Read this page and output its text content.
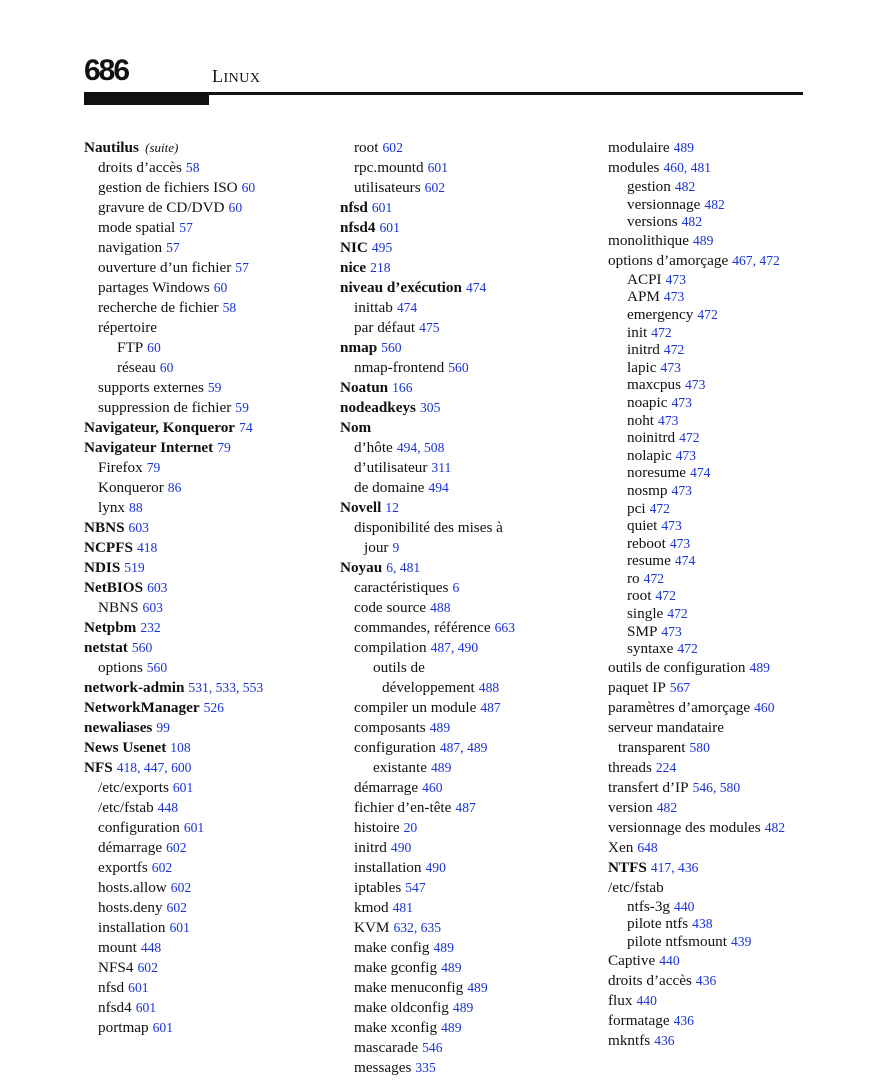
686	LINUX
Nautilus (suite)
droits d’accès 58
gestion de fichiers ISO 60
gravure de CD/DVD 60
mode spatial 57
navigation 57
ouverture d’un fichier 57
partages Windows 60
recherche de fichier 58
répertoire
FTP 60
réseau 60
supports externes 59
suppression de fichier 59
Navigateur, Konqueror 74
Navigateur Internet 79
Firefox 79
Konqueror 86
lynx 88
NBNS 603
NCPFS 418
NDIS 519
NetBIOS 603
NBNS 603
Netpbm 232
netstat 560
options 560
network-admin 531, 533, 553
NetworkManager 526
newaliases 99
News Usenet 108
NFS 418, 447, 600
/etc/exports 601
/etc/fstab 448
configuration 601
démarrage 602
exportfs 602
hosts.allow 602
hosts.deny 602
installation 601
mount 448
NFS4 602
nfsd 601
nfsd4 601
portmap 601
root 602
rpc.mountd 601
utilisateurs 602
nfsd 601
nfsd4 601
NIC 495
nice 218
niveau d’exécution 474
inittab 474
par défaut 475
nmap 560
nmap-frontend 560
Noatun 166
nodeadkeys 305
Nom
d’hôte 494, 508
d’utilisateur 311
de domaine 494
Novell 12
disponibilité des mises à
jour 9
Noyau 6, 481
caractéristiques 6
code source 488
commandes, référence 663
compilation 487, 490
outils de
développement 488
compiler un module 487
composants 489
configuration 487, 489
existante 489
démarrage 460
fichier d’en-tête 487
histoire 20
initrd 490
installation 490
iptables 547
kmod 481
KVM 632, 635
make config 489
make gconfig 489
make menuconfig 489
make oldconfig 489
make xconfig 489
mascarade 546
messages 335
modulaire 489
modules 460, 481
gestion 482
versionnage 482
versions 482
monolithique 489
options d’amorçage 467, 472
ACPI 473
APM 473
emergency 472
init 472
initrd 472
lapic 473
maxcpus 473
noapic 473
noht 473
noinitrd 472
nolapic 473
noresume 474
nosmp 473
pci 472
quiet 473
reboot 473
resume 474
ro 472
root 472
single 472
SMP 473
syntaxe 472
outils de configuration 489
paquet IP 567
paramètres d’amorçage 460
serveur mandataire
transparent 580
threads 224
transfert d’IP 546, 580
version 482
versionnage des modules 482
Xen 648
NTFS 417, 436
/etc/fstab
ntfs-3g 440
pilote ntfs 438
pilote ntfsmount 439
Captive 440
droits d’accès 436
flux 440
formatage 436
mkntfs 436
